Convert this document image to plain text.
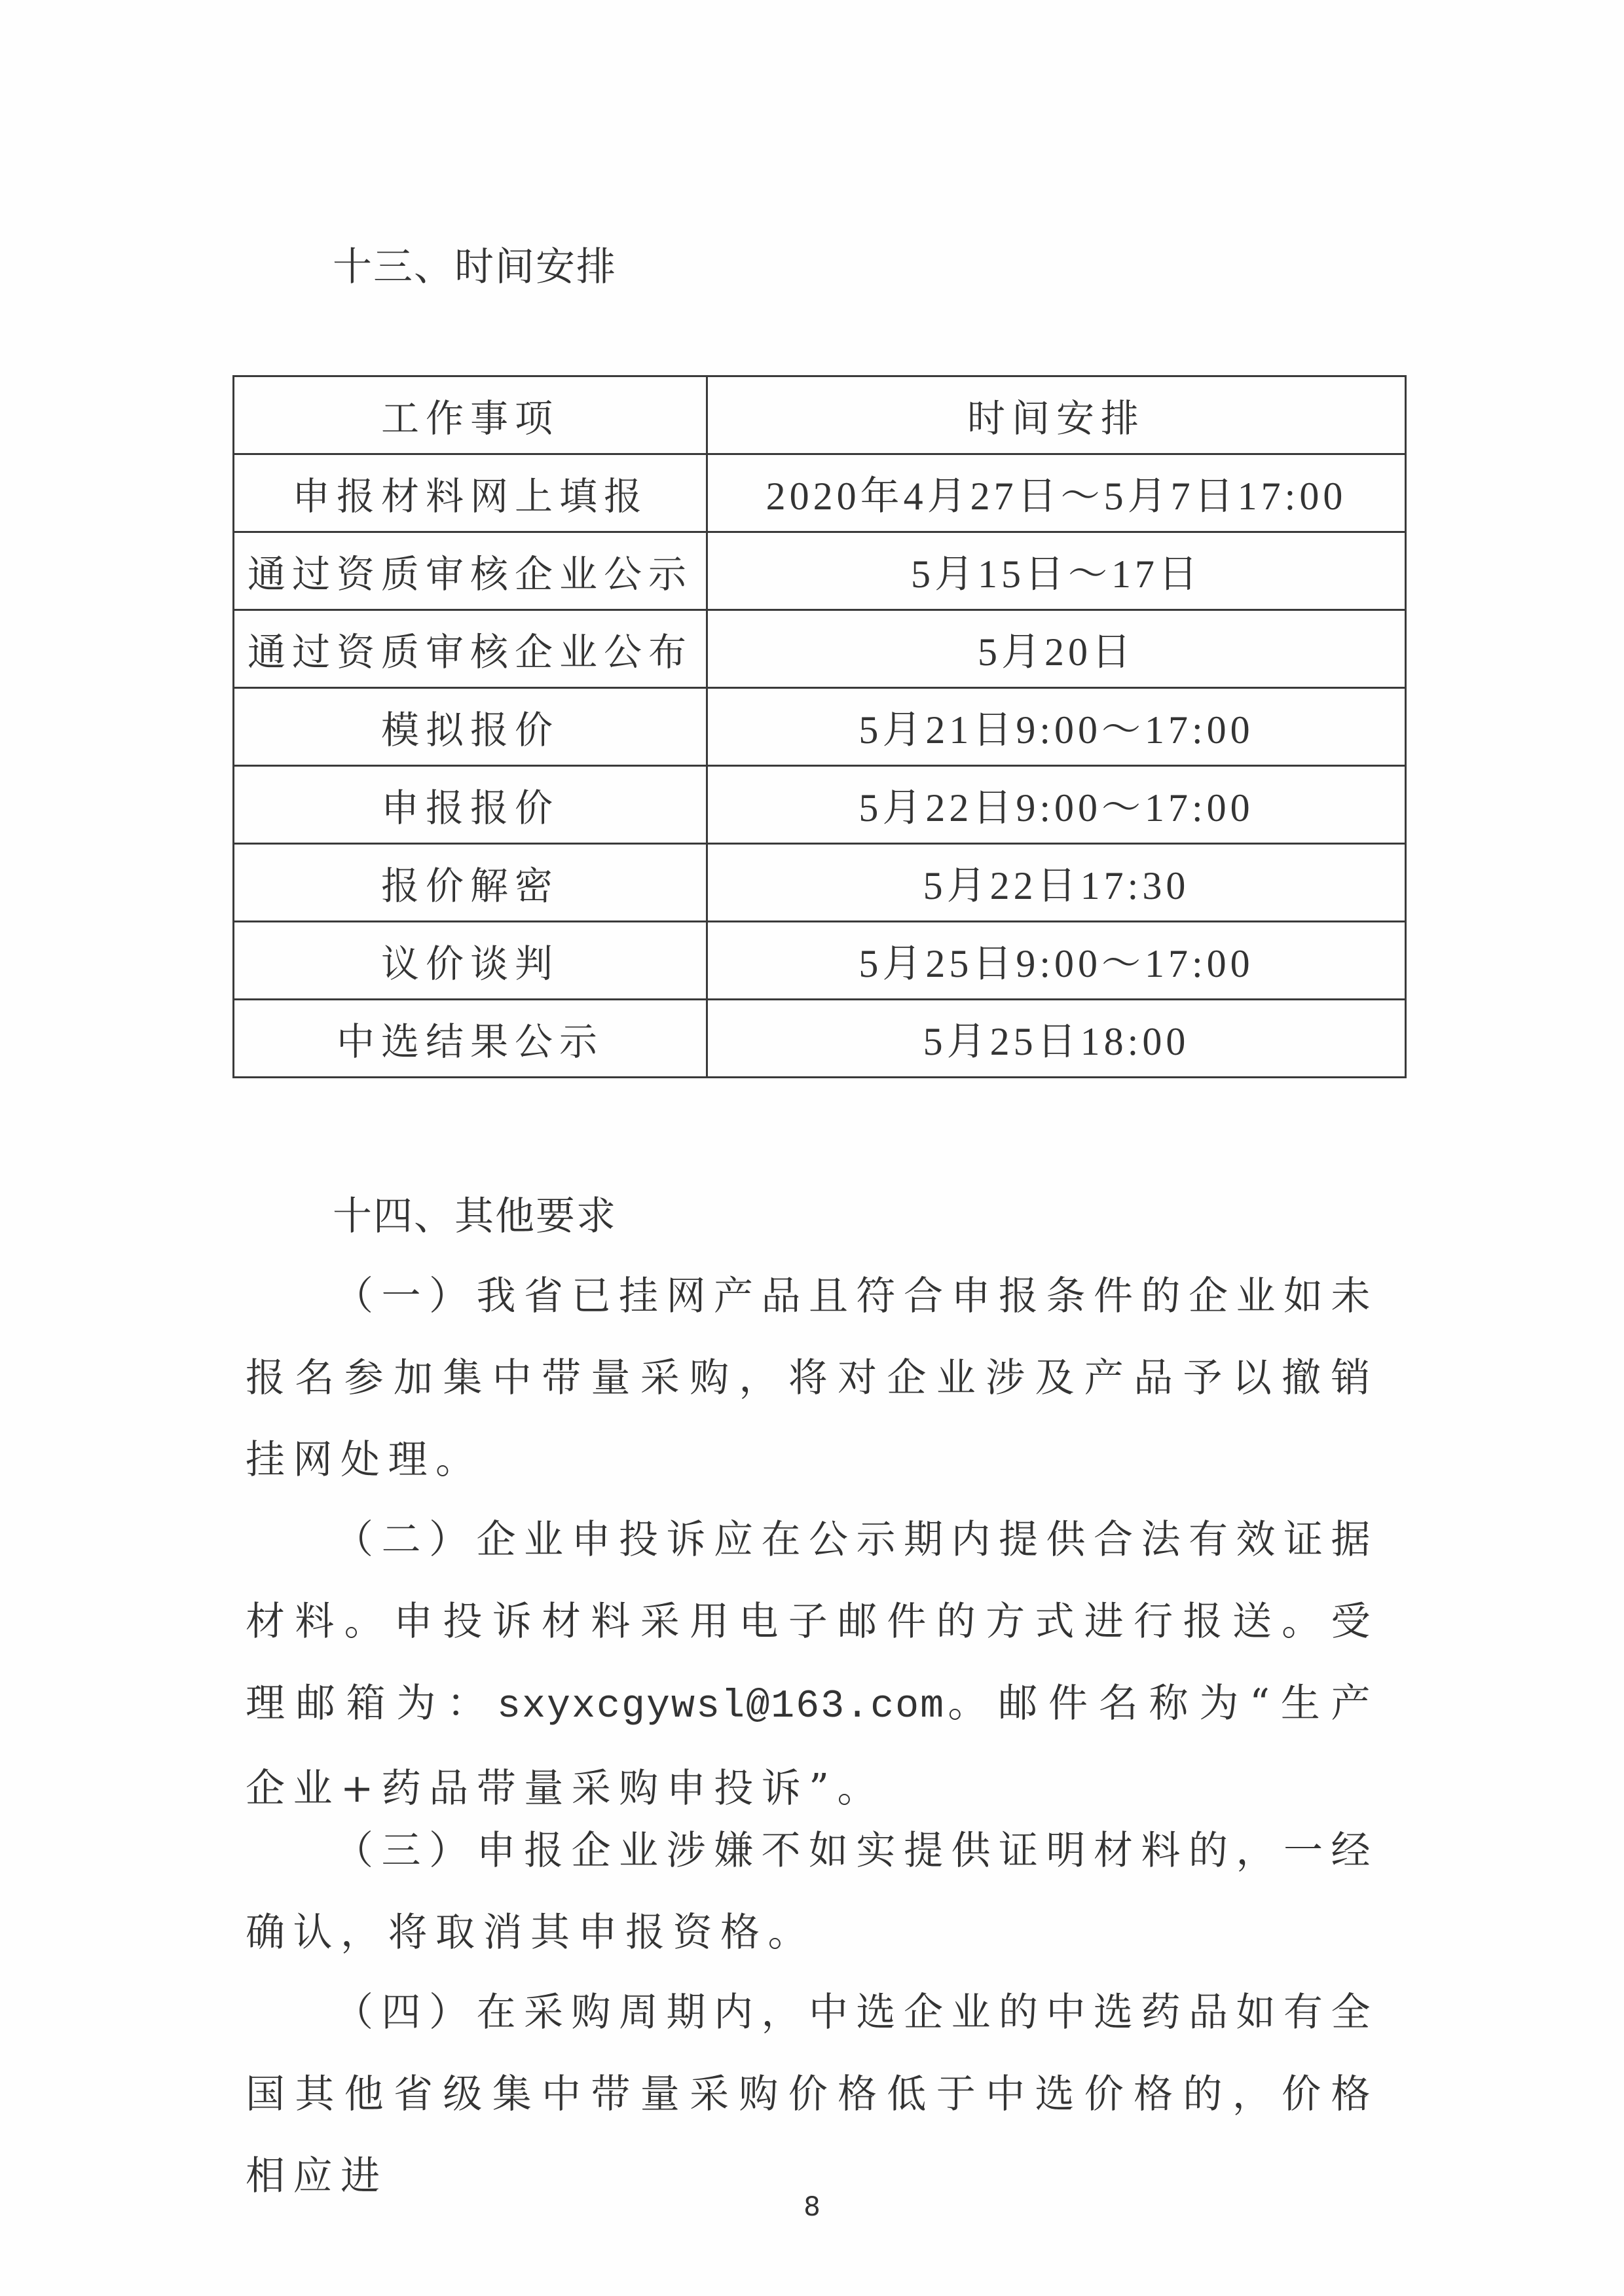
十三、时间安排
工作事项	时间安排
申报材料网上填报	2020年4月27日～5月7日17:00
通过资质审核企业公示	5月15日～17日
通过资质审核企业公布	5月20日
模拟报价	5月21日9:00～17:00
申报报价	5月22日9:00～17:00
报价解密	5月22日17:30
议价谈判	5月25日9:00～17:00
中选结果公示	5月25日18:00
十四、其他要求
（一）我省已挂网产品且符合申报条件的企业如未报名参加集中带量采购，将对企业涉及产品予以撤销挂网处理。
（二）企业申投诉应在公示期内提供合法有效证据材料。申投诉材料采用电子邮件的方式进行报送。受理邮箱为：sxyxcgywsl@163.com。邮件名称为“生产企业+药品带量采购申投诉”。
（三）申报企业涉嫌不如实提供证明材料的，一经确认，将取消其申报资格。
（四）在采购周期内，中选企业的中选药品如有全国其他省级集中带量采购价格低于中选价格的，价格相应进
8
